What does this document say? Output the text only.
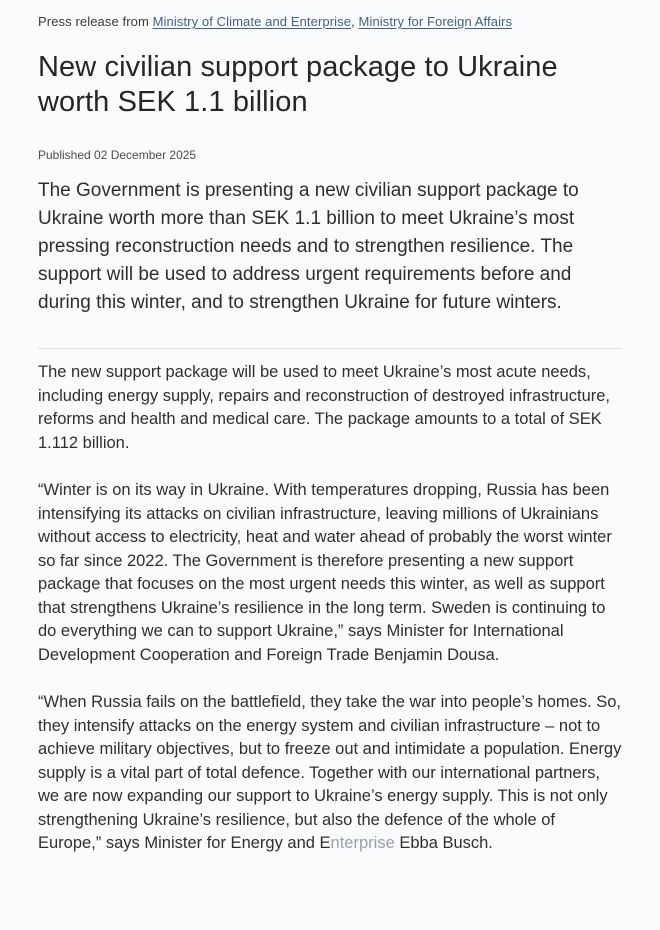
Press release from Ministry of Climate and Enterprise, Ministry for Foreign Affairs
New civilian support package to Ukraine worth SEK 1.1 billion
Published 02 December 2025

The Government is presenting a new civilian support package to Ukraine worth more than SEK 1.1 billion to meet Ukraine’s most pressing reconstruction needs and to strengthen resilience. The support will be used to address urgent requirements before and during this winter, and to strengthen Ukraine for future winters.

The new support package will be used to meet Ukraine’s most acute needs, including energy supply, repairs and reconstruction of destroyed infrastructure, reforms and health and medical care. The package amounts to a total of SEK 1.112 billion.

“Winter is on its way in Ukraine. With temperatures dropping, Russia has been intensifying its attacks on civilian infrastructure, leaving millions of Ukrainians without access to electricity, heat and water ahead of probably the worst winter so far since 2022. The Government is therefore presenting a new support package that focuses on the most urgent needs this winter, as well as support that strengthens Ukraine’s resilience in the long term. Sweden is continuing to do everything we can to support Ukraine,” says Minister for International Development Cooperation and Foreign Trade Benjamin Dousa.

“When Russia fails on the battlefield, they take the war into people’s homes. So, they intensify attacks on the energy system and civilian infrastructure – not to achieve military objectives, but to freeze out and intimidate a population. Energy supply is a vital part of total defence. Together with our international partners, we are now expanding our support to Ukraine’s energy supply. This is not only strengthening Ukraine’s resilience, but also the defence of the whole of Europe,” says Minister for Energy and Enterprise Ebba Busch.
